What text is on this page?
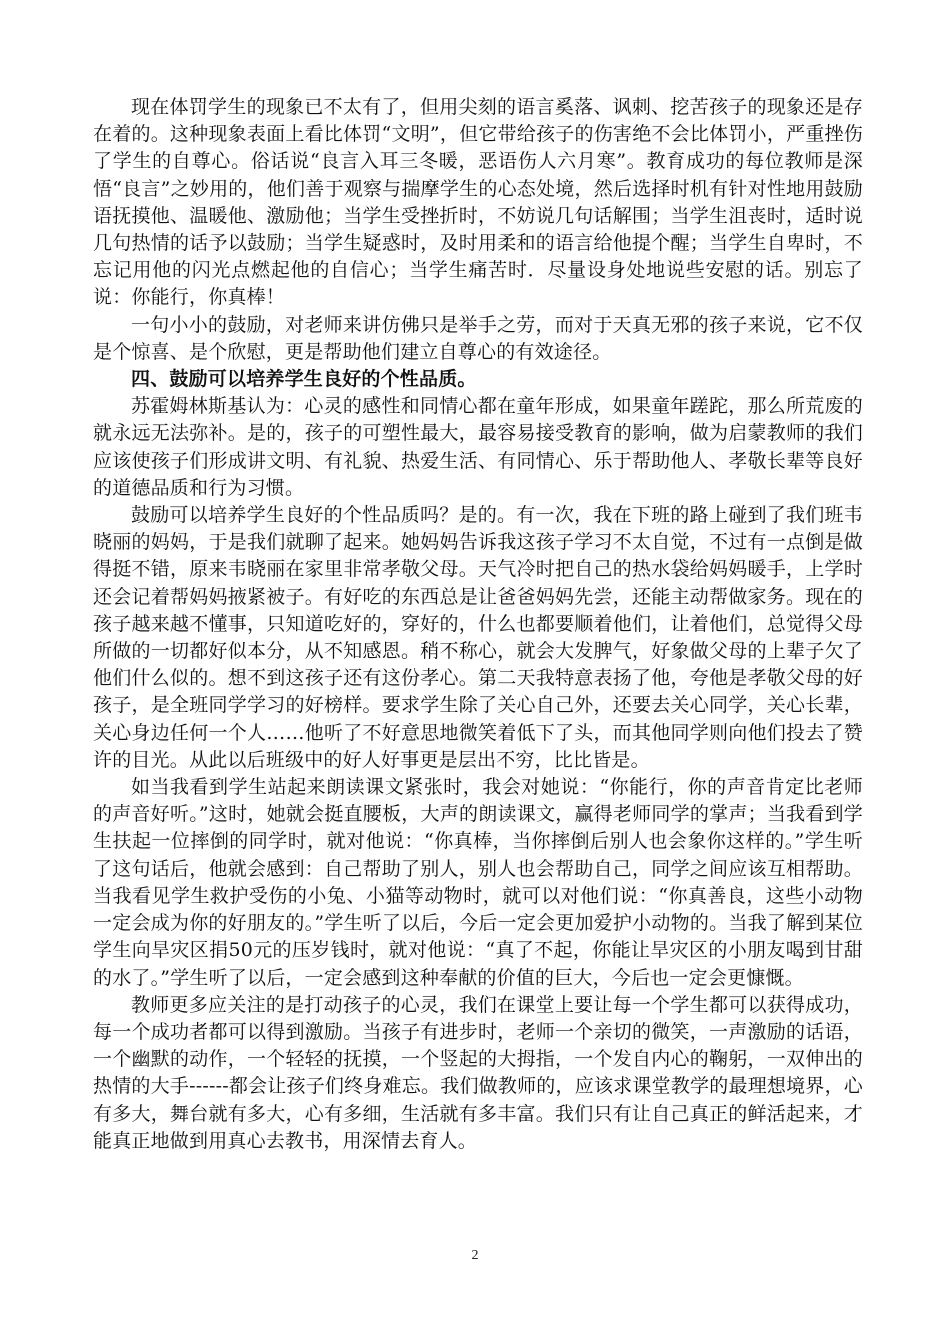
现在体罚学生的现象已不太有了，但用尖刻的语言奚落、讽刺、挖苦孩子的现象还是存在着的。这种现象表面上看比体罚“文明”，但它带给孩子的伤害绝不会比体罚小，严重挫伤了学生的自尊心。俗话说“良言入耳三冬暖，恶语伤人六月寒”。教育成功的每位教师是深悟“良言”之妙用的，他们善于观察与揣摩学生的心态处境，然后选择时机有针对性地用鼓励语抚摸他、温暖他、激励他；当学生受挫折时，不妨说几句话解围；当学生沮丧时，适时说几句热情的话予以鼓励；当学生疑惑时，及时用柔和的语言给他提个醒；当学生自卑时，不忘记用他的闪光点燃起他的自信心；当学生痛苦时．尽量设身处地说些安慰的话。别忘了说：你能行，你真棒！

一句小小的鼓励，对老师来讲仿佛只是举手之劳，而对于天真无邪的孩子来说，它不仅是个惊喜、是个欣慰，更是帮助他们建立自尊心的有效途径。

四、鼓励可以培养学生良好的个性品质。

苏霍姆林斯基认为：心灵的感性和同情心都在童年形成，如果童年蹉跎，那么所荒废的就永远无法弥补。是的，孩子的可塑性最大，最容易接受教育的影响，做为启蒙教师的我们应该使孩子们形成讲文明、有礼貌、热爱生活、有同情心、乐于帮助他人、孝敬长辈等良好的道德品质和行为习惯。

鼓励可以培养学生良好的个性品质吗？是的。有一次，我在下班的路上碰到了我们班韦晓丽的妈妈，于是我们就聊了起来。她妈妈告诉我这孩子学习不太自觉，不过有一点倒是做得挺不错，原来韦晓丽在家里非常孝敬父母。天气冷时把自己的热水袋给妈妈暖手，上学时还会记着帮妈妈掖紧被子。有好吃的东西总是让爸爸妈妈先尝，还能主动帮做家务。现在的孩子越来越不懂事，只知道吃好的，穿好的，什么也都要顺着他们，让着他们，总觉得父母所做的一切都好似本分，从不知感恩。稍不称心，就会大发脾气，好象做父母的上辈子欠了他们什么似的。想不到这孩子还有这份孝心。第二天我特意表扬了他，夸他是孝敬父母的好孩子，是全班同学学习的好榜样。要求学生除了关心自己外，还要去关心同学，关心长辈，关心身边任何一个人……他听了不好意思地微笑着低下了头，而其他同学则向他们投去了赞许的目光。从此以后班级中的好人好事更是层出不穷，比比皆是。

如当我看到学生站起来朗读课文紧张时，我会对她说：“你能行，你的声音肯定比老师的声音好听。”这时，她就会挺直腰板，大声的朗读课文，赢得老师同学的掌声；当我看到学生扶起一位摔倒的同学时，就对他说：“你真棒，当你摔倒后别人也会象你这样的。”学生听了这句话后，他就会感到：自己帮助了别人，别人也会帮助自己，同学之间应该互相帮助。当我看见学生救护受伤的小兔、小猫等动物时，就可以对他们说：“你真善良，这些小动物一定会成为你的好朋友的。”学生听了以后，今后一定会更加爱护小动物的。当我了解到某位学生向旱灾区捐50元的压岁钱时，就对他说：“真了不起，你能让旱灾区的小朋友喝到甘甜的水了。”学生听了以后，一定会感到这种奉献的价值的巨大，今后也一定会更慷慨。

教师更多应关注的是打动孩子的心灵，我们在课堂上要让每一个学生都可以获得成功，每一个成功者都可以得到激励。当孩子有进步时，老师一个亲切的微笑，一声激励的话语，一个幽默的动作，一个轻轻的抚摸，一个竖起的大拇指，一个发自内心的鞠躬，一双伸出的热情的大手------都会让孩子们终身难忘。我们做教师的，应该求课堂教学的最理想境界，心有多大，舞台就有多大，心有多细，生活就有多丰富。我们只有让自己真正的鲜活起来，才能真正地做到用真心去教书，用深情去育人。

2
